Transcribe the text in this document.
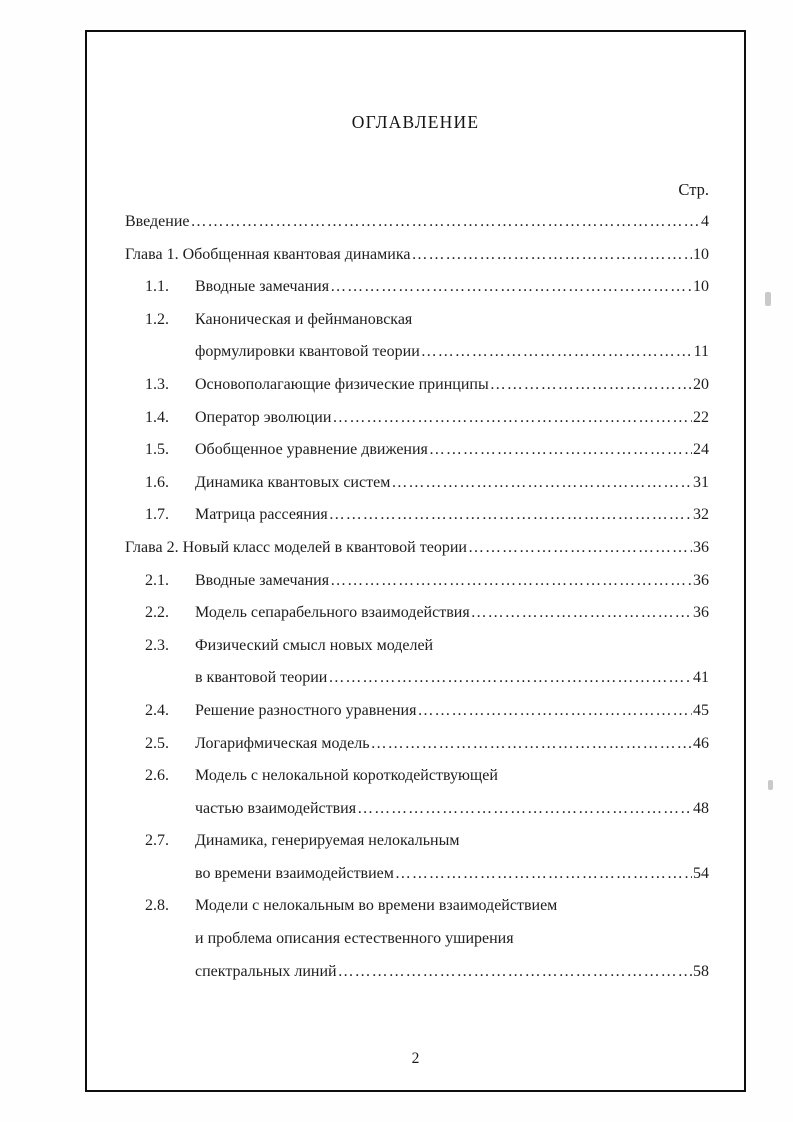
ОГЛАВЛЕНИЕ
Стр.
Введение ……………………………………………………………………………………………………	4
Глава 1. Обобщенная квантовая динамика ……………………………………………………………………………………………………	10
1.1.	Вводные замечания ……………………………………………………………………………………………………	10
1.2.	Каноническая и фейнмановская
формулировки квантовой теории ……………………………………………………………………………………………………	11
1.3.	Основополагающие физические принципы ……………………………………………………………………………………………………	20
1.4.	Оператор эволюции ……………………………………………………………………………………………………	22
1.5.	Обобщенное уравнение движения ……………………………………………………………………………………………………	24
1.6.	Динамика квантовых систем ……………………………………………………………………………………………………	31
1.7.	Матрица рассеяния ……………………………………………………………………………………………………	32
Глава 2. Новый класс моделей в квантовой теории ……………………………………………………………………………………………………	36
2.1.	Вводные замечания ……………………………………………………………………………………………………	36
2.2.	Модель сепарабельного взаимодействия ……………………………………………………………………………………………………	36
2.3.	Физический смысл новых моделей
в квантовой теории ……………………………………………………………………………………………………	41
2.4.	Решение разностного уравнения ……………………………………………………………………………………………………	45
2.5.	Логарифмическая модель ……………………………………………………………………………………………………	46
2.6.	Модель с нелокальной короткодействующей
частью взаимодействия ……………………………………………………………………………………………………	48
2.7.	Динамика, генерируемая нелокальным
во времени взаимодействием ……………………………………………………………………………………………………	54
2.8.	Модели с нелокальным во времени взаимодействием
и проблема описания естественного уширения
спектральных линий ……………………………………………………………………………………………………	58
2
